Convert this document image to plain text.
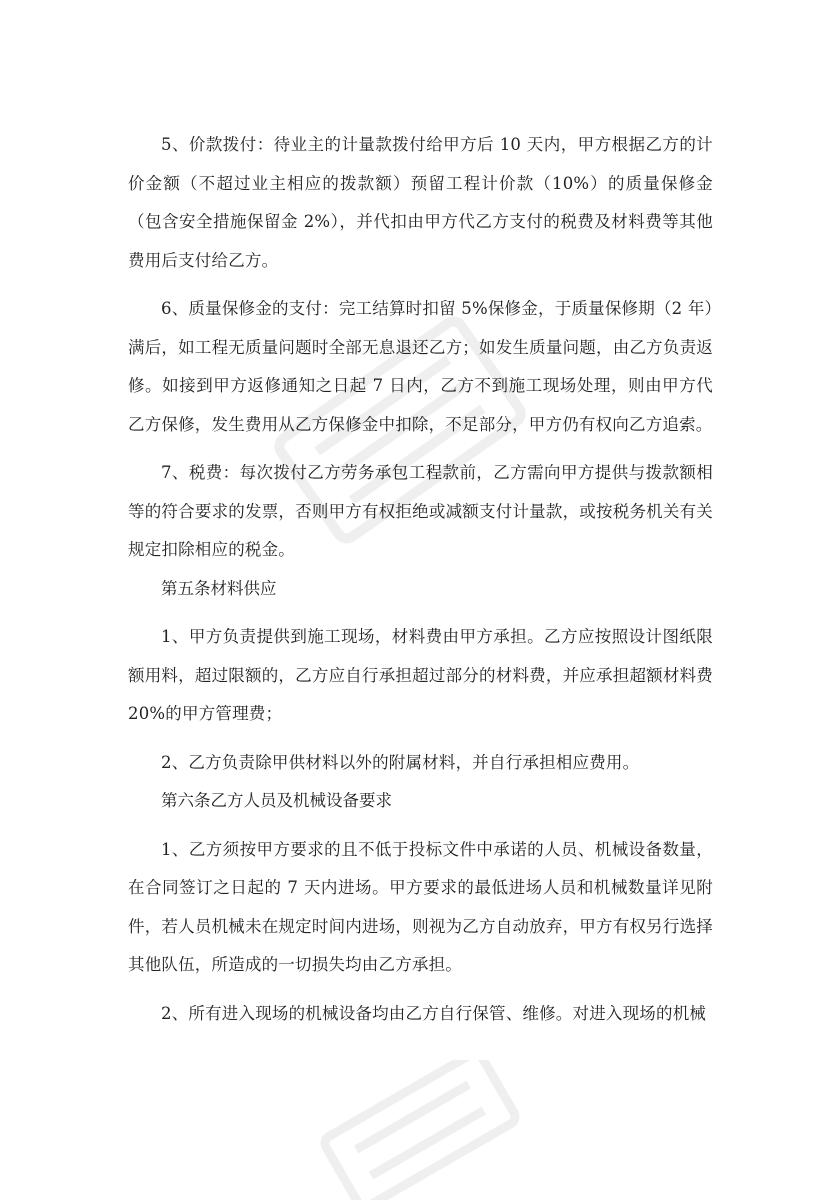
5、价款拨付：待业主的计量款拨付给甲方后 10 天内，甲方根据乙方的计价金额（不超过业主相应的拨款额）预留工程计价款（10%）的质量保修金（包含安全措施保留金 2%），并代扣由甲方代乙方支付的税费及材料费等其他费用后支付给乙方。

6、质量保修金的支付：完工结算时扣留 5%保修金，于质量保修期（2 年）满后，如工程无质量问题时全部无息退还乙方；如发生质量问题，由乙方负责返修。如接到甲方返修通知之日起 7 日内，乙方不到施工现场处理，则由甲方代乙方保修，发生费用从乙方保修金中扣除，不足部分，甲方仍有权向乙方追索。

7、税费：每次拨付乙方劳务承包工程款前，乙方需向甲方提供与拨款额相等的符合要求的发票，否则甲方有权拒绝或减额支付计量款，或按税务机关有关规定扣除相应的税金。

第五条材料供应

1、甲方负责提供到施工现场，材料费由甲方承担。乙方应按照设计图纸限额用料，超过限额的，乙方应自行承担超过部分的材料费，并应承担超额材料费 20%的甲方管理费；

2、乙方负责除甲供材料以外的附属材料，并自行承担相应费用。

第六条乙方人员及机械设备要求

1、乙方须按甲方要求的且不低于投标文件中承诺的人员、机械设备数量，在合同签订之日起的 7 天内进场。甲方要求的最低进场人员和机械数量详见附件，若人员机械未在规定时间内进场，则视为乙方自动放弃，甲方有权另行选择其他队伍，所造成的一切损失均由乙方承担。

2、所有进入现场的机械设备均由乙方自行保管、维修。对进入现场的机械
